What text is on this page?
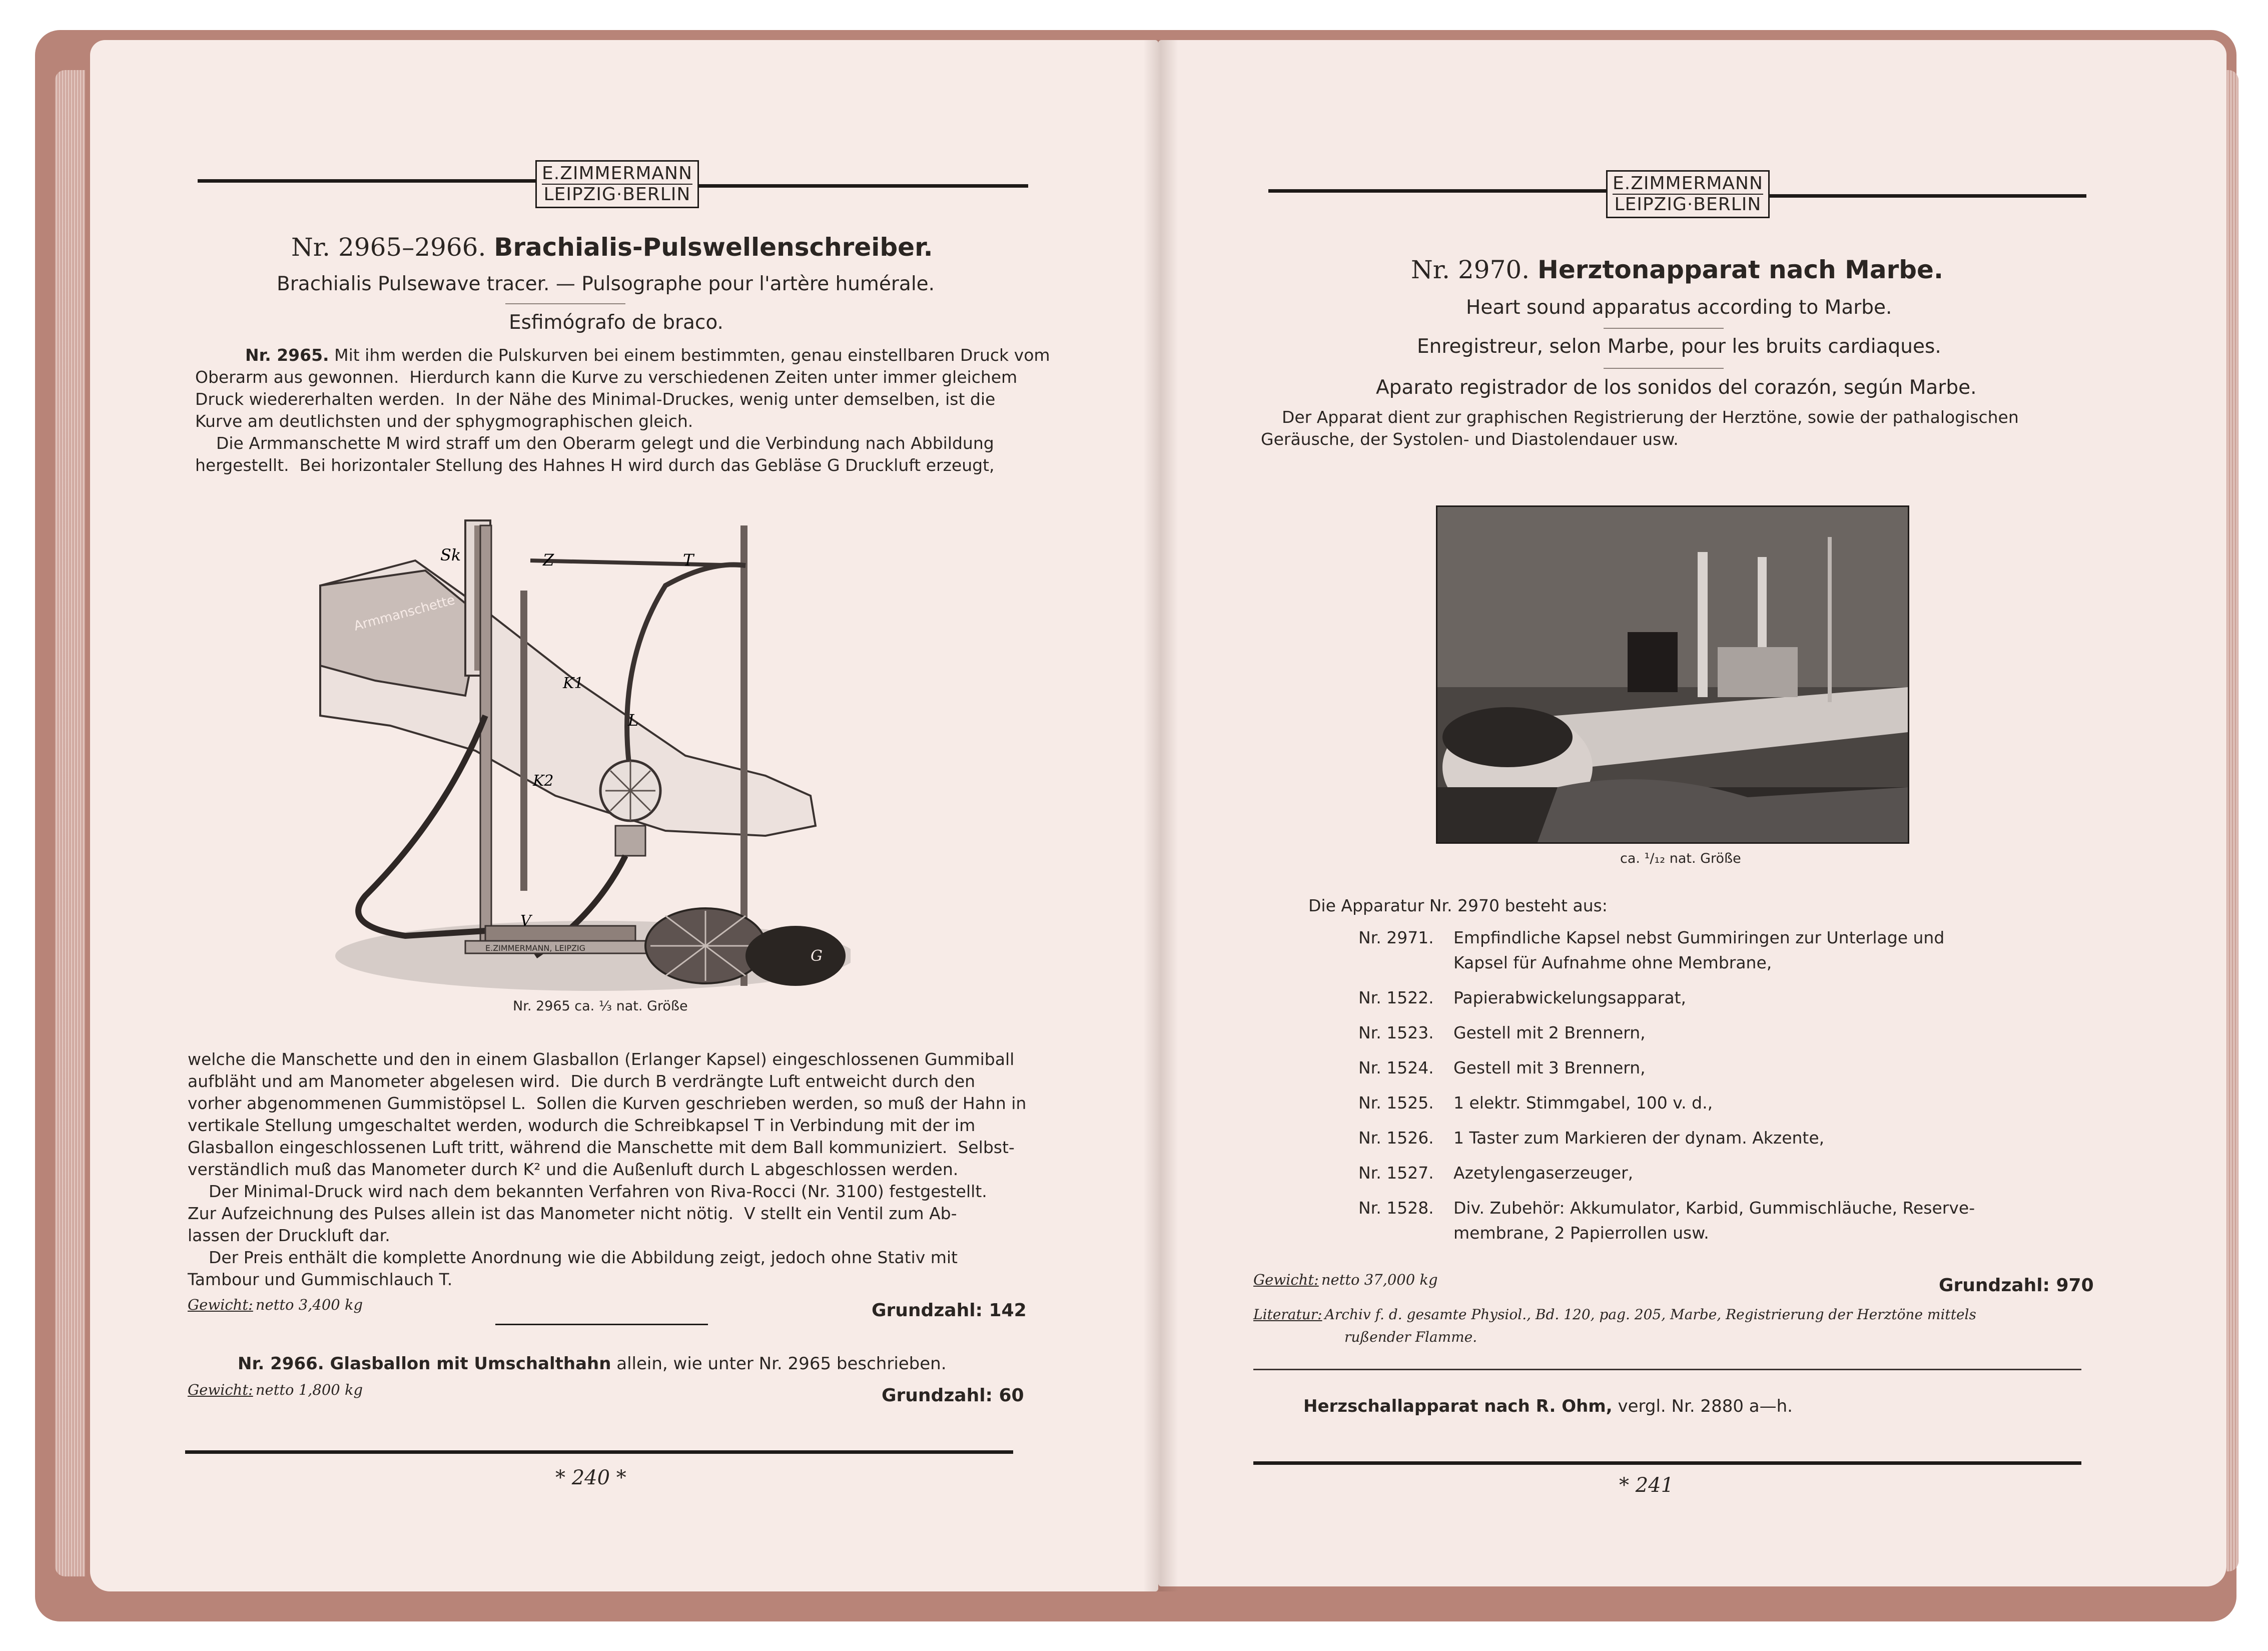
E.ZIMMERMANN
LEIPZIG·BERLIN
Nr. 2965–2966. Brachialis-Pulswellenschreiber.
Brachialis Pulsewave tracer. — Pulsographe pour l'artère humérale.
Esfimógrafo de braco.
Nr. 2965. Mit ihm werden die Pulskurven bei einem bestimmten, genau einstellbaren Druck vom
Oberarm aus gewonnen.  Hierdurch kann die Kurve zu verschiedenen Zeiten unter immer gleichem
Druck wiedererhalten werden.  In der Nähe des Minimal-Druckes, wenig unter demselben, ist die
Kurve am deutlichsten und der sphygmographischen gleich.
Die Armmanschette M wird straff um den Oberarm gelegt und die Verbindung nach Abbildung
hergestellt.  Bei horizontaler Stellung des Hahnes H wird durch das Gebläse G Druckluft erzeugt,
Armmanschette
E.ZIMMERMANN, LEIPZIG
Sk	Z	T
K1
L
K2
M
H
V
G
Nr. 2965 ca. ⅓ nat. Größe
welche die Manschette und den in einem Glasballon (Erlanger Kapsel) eingeschlossenen Gummiball
aufbläht und am Manometer abgelesen wird.  Die durch B verdrängte Luft entweicht durch den
vorher abgenommenen Gummistöpsel L.  Sollen die Kurven geschrieben werden, so muß der Hahn in
vertikale Stellung umgeschaltet werden, wodurch die Schreibkapsel T in Verbindung mit der im
Glasballon eingeschlossenen Luft tritt, während die Manschette mit dem Ball kommuniziert.  Selbst-
verständlich muß das Manometer durch K² und die Außenluft durch L abgeschlossen werden.
Der Minimal-Druck wird nach dem bekannten Verfahren von Riva-Rocci (Nr. 3100) festgestellt.
Zur Aufzeichnung des Pulses allein ist das Manometer nicht nötig.  V stellt ein Ventil zum Ab-
lassen der Druckluft dar.
Der Preis enthält die komplette Anordnung wie die Abbildung zeigt, jedoch ohne Stativ mit
Tambour und Gummischlauch T.
Gewicht: netto 3,400 kg	Grundzahl: 142
Nr. 2966. Glasballon mit Umschalthahn allein, wie unter Nr. 2965 beschrieben.
Gewicht: netto 1,800 kg	Grundzahl: 60
* 240 *
E.ZIMMERMANN
LEIPZIG·BERLIN
Nr. 2970. Herztonapparat nach Marbe.
Heart sound apparatus according to Marbe.
Enregistreur, selon Marbe, pour les bruits cardiaques.
Aparato registrador de los sonidos del corazón, según Marbe.
Der Apparat dient zur graphischen Registrierung der Herztöne, sowie der pathalogischen
Geräusche, der Systolen- und Diastolendauer usw.
ca. ¹/₁₂ nat. Größe
Die Apparatur Nr. 2970 besteht aus:
Nr. 2971. Empfindliche Kapsel nebst Gummiringen zur Unterlage und
Kapsel für Aufnahme ohne Membrane,
Nr. 1522. Papierabwickelungsapparat,
Nr. 1523. Gestell mit 2 Brennern,
Nr. 1524. Gestell mit 3 Brennern,
Nr. 1525. 1 elektr. Stimmgabel, 100 v. d.,
Nr. 1526. 1 Taster zum Markieren der dynam. Akzente,
Nr. 1527. Azetylengaserzeuger,
Nr. 1528. Div. Zubehör: Akkumulator, Karbid, Gummischläuche, Reserve-
membrane, 2 Papierrollen usw.
Gewicht: netto 37,000 kg	Grundzahl: 970
Literatur: Archiv f. d. gesamte Physiol., Bd. 120, pag. 205, Marbe, Registrierung der Herztöne mittels
rußender Flamme.
Herzschallapparat nach R. Ohm, vergl. Nr. 2880 a—h.
* 241
